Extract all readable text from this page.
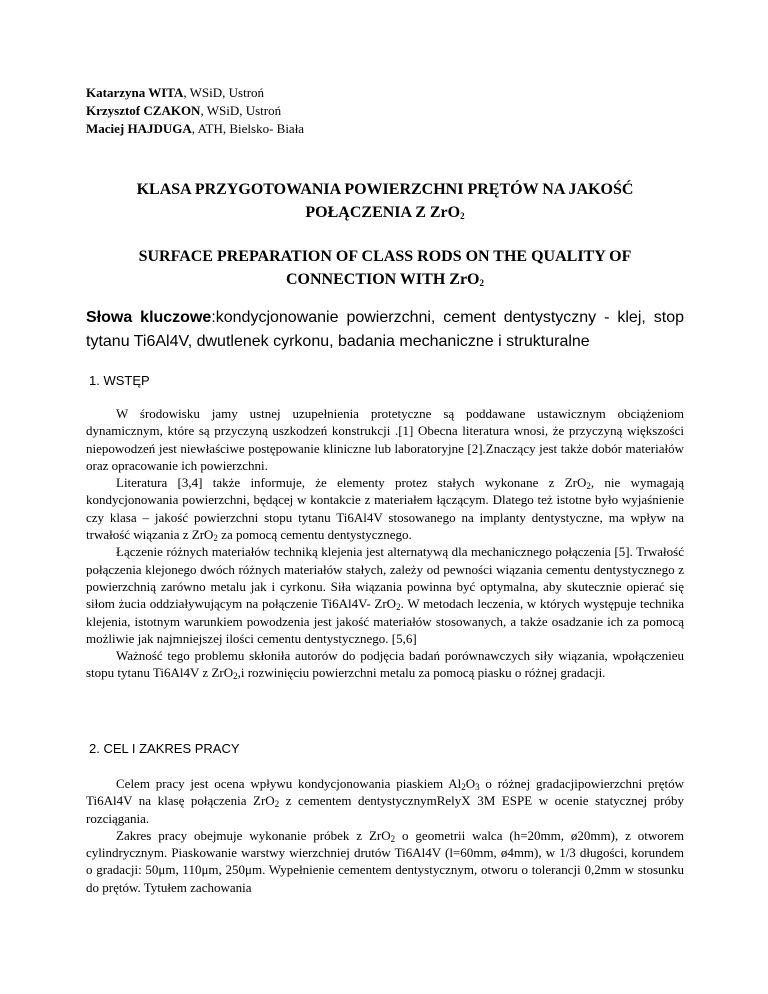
Katarzyna WITA, WSiD, Ustroń
Krzysztof CZAKON, WSiD, Ustroń
Maciej HAJDUGA, ATH, Bielsko- Biała
KLASA PRZYGOTOWANIA POWIERZCHNI PRĘTÓW NA JAKOŚĆ
POŁĄCZENIA Z ZrO$_2$
SURFACE PREPARATION OF CLASS RODS ON THE QUALITY OF
CONNECTION WITH ZrO$_2$
Słowa kluczowe:kondycjonowanie powierzchni, cement dentystyczny - klej, stop tytanu Ti6Al4V, dwutlenek cyrkonu, badania mechaniczne i strukturalne
1. WSTĘP

W środowisku jamy ustnej uzupełnienia protetyczne są poddawane ustawicznym obciążeniom dynamicznym, które są przyczyną uszkodzeń konstrukcji .[1] Obecna literatura wnosi, że przyczyną większości niepowodzeń jest niewłaściwe postępowanie kliniczne lub laboratoryjne [2].Znaczący jest także dobór materiałów oraz opracowanie ich powierzchni.

Literatura [3,4] także informuje, że elementy protez stałych wykonane z ZrO$_2$, nie wymagają kondycjonowania powierzchni, będącej w kontakcie z materiałem łączącym. Dlatego też istotne było wyjaśnienie czy klasa – jakość powierzchni stopu tytanu Ti6Al4V stosowanego na implanty dentystyczne, ma wpływ na trwałość wiązania z ZrO$_2$ za pomocą cementu dentystycznego.

Łączenie różnych materiałów techniką klejenia jest alternatywą dla mechanicznego połączenia [5]. Trwałość połączenia klejonego dwóch różnych materiałów stałych, zależy od pewności wiązania cementu dentystycznego z powierzchnią zarówno metalu jak i cyrkonu. Siła wiązania powinna być optymalna, aby skutecznie opierać się siłom żucia oddziaływującym na połączenie Ti6Al4V- ZrO$_2$. W metodach leczenia, w których występuje technika klejenia, istotnym warunkiem powodzenia jest jakość materiałów stosowanych, a także osadzanie ich za pomocą możliwie jak najmniejszej ilości cementu dentystycznego. [5,6]

Ważność tego problemu skłoniła autorów do podjęcia badań porównawczych siły wiązania, wpołączenieu stopu tytanu Ti6Al4V z ZrO$_2$,i rozwinięciu powierzchni metalu za pomocą piasku o różnej gradacji.

2. CEL I ZAKRES PRACY

Celem pracy jest ocena wpływu kondycjonowania piaskiem $Al_2O_3$ o różnej gradacjipowierzchni prętów Ti6Al4V na klasę połączenia ZrO$_2$ z cementem dentystycznymRelyX 3M ESPE w ocenie statycznej próby rozciągania.

Zakres pracy obejmuje wykonanie próbek z ZrO$_2$ o geometrii walca (h=20mm, ø20mm), z otworem cylindrycznym. Piaskowanie warstwy wierzchniej drutów Ti6Al4V (l=60mm, ø4mm), w 1/3 długości, korundem o gradacji: 50μm, 110μm, 250μm. Wypełnienie cementem dentystycznym, otworu o tolerancji 0,2mm w stosunku do prętów. Tytułem zachowania
